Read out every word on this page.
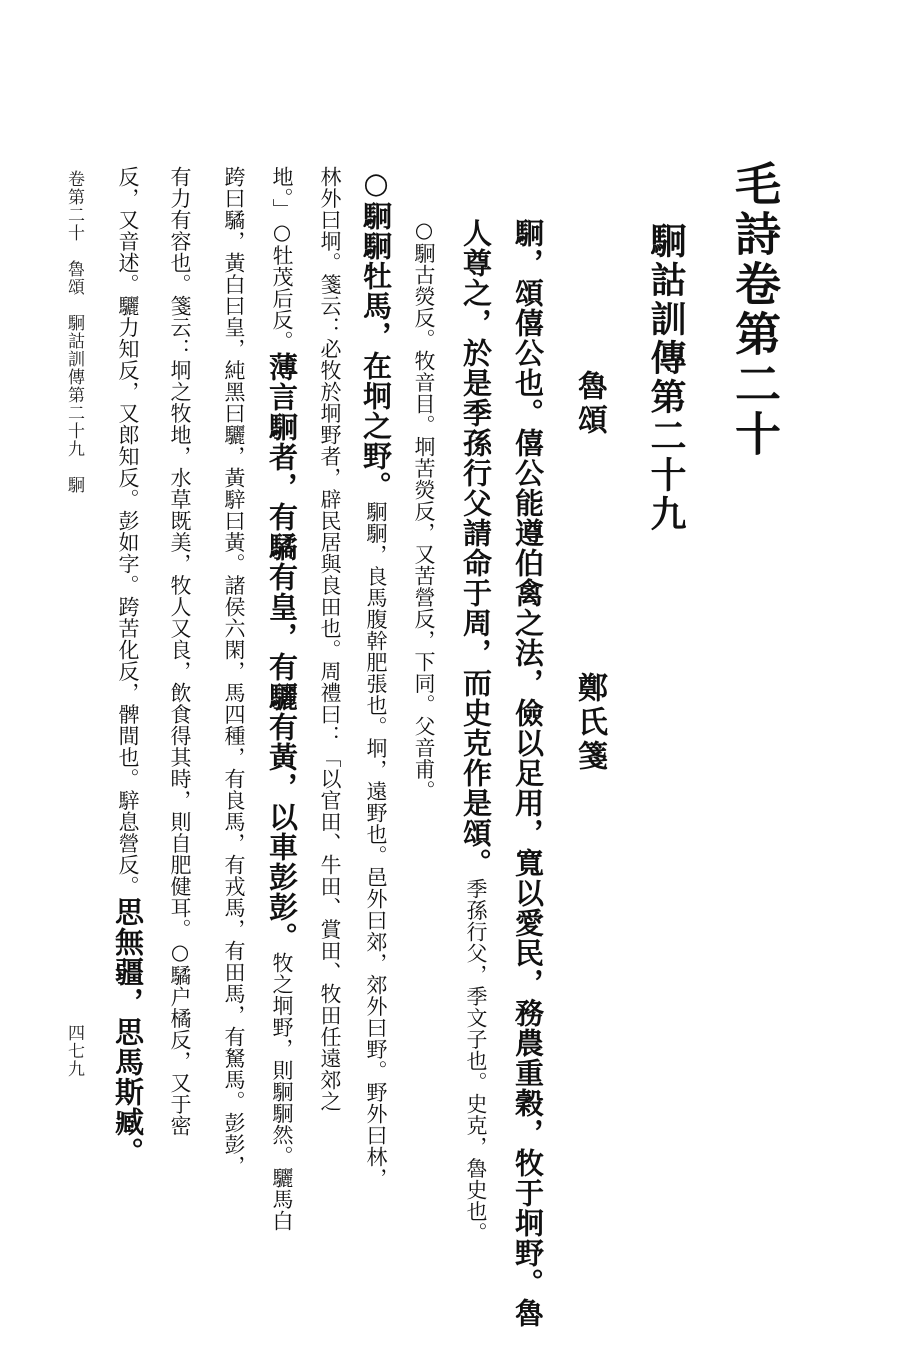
毛詩卷第二十
駉詁訓傳第二十九
魯頌
鄭氏箋
駉，頌僖公也。僖公能遵伯禽之法，儉以足用，寬以愛民，務農重穀，牧于坰野。魯
人尊之，於是季孫行父請命于周，而史克作是頌。季孫行父，季文子也。史克，魯史也。
○駉古熒反。牧音目。坰苦熒反，又苦營反，下同。父音甫。
○駉駉牡馬，在坰之野。駉駉，良馬腹幹肥張也。坰，遠野也。邑外曰郊，郊外曰野。野外曰林，
林外曰坰。箋云：必牧於坰野者，辟民居與良田也。周禮曰：「以官田、牛田、賞田、牧田任遠郊之
地。」○牡茂后反。薄言駉者，有驈有皇，有驪有黃，以車彭彭。牧之坰野，則駉駉然。驪馬白
跨曰驈，黃白曰皇，純黑曰驪，黃騂曰黃。諸侯六閑，馬四種，有良馬，有戎馬，有田馬，有駑馬。彭彭，
有力有容也。箋云：坰之牧地，水草既美，牧人又良，飲食得其時，則自肥健耳。○驈户橘反，又于密
反，又音述。驪力知反，又郎知反。彭如字。跨苦化反，髀間也。騂息營反。思無疆，思馬斯臧。
卷第二十　魯頌　駉詁訓傳第二十九　駉
四七九
